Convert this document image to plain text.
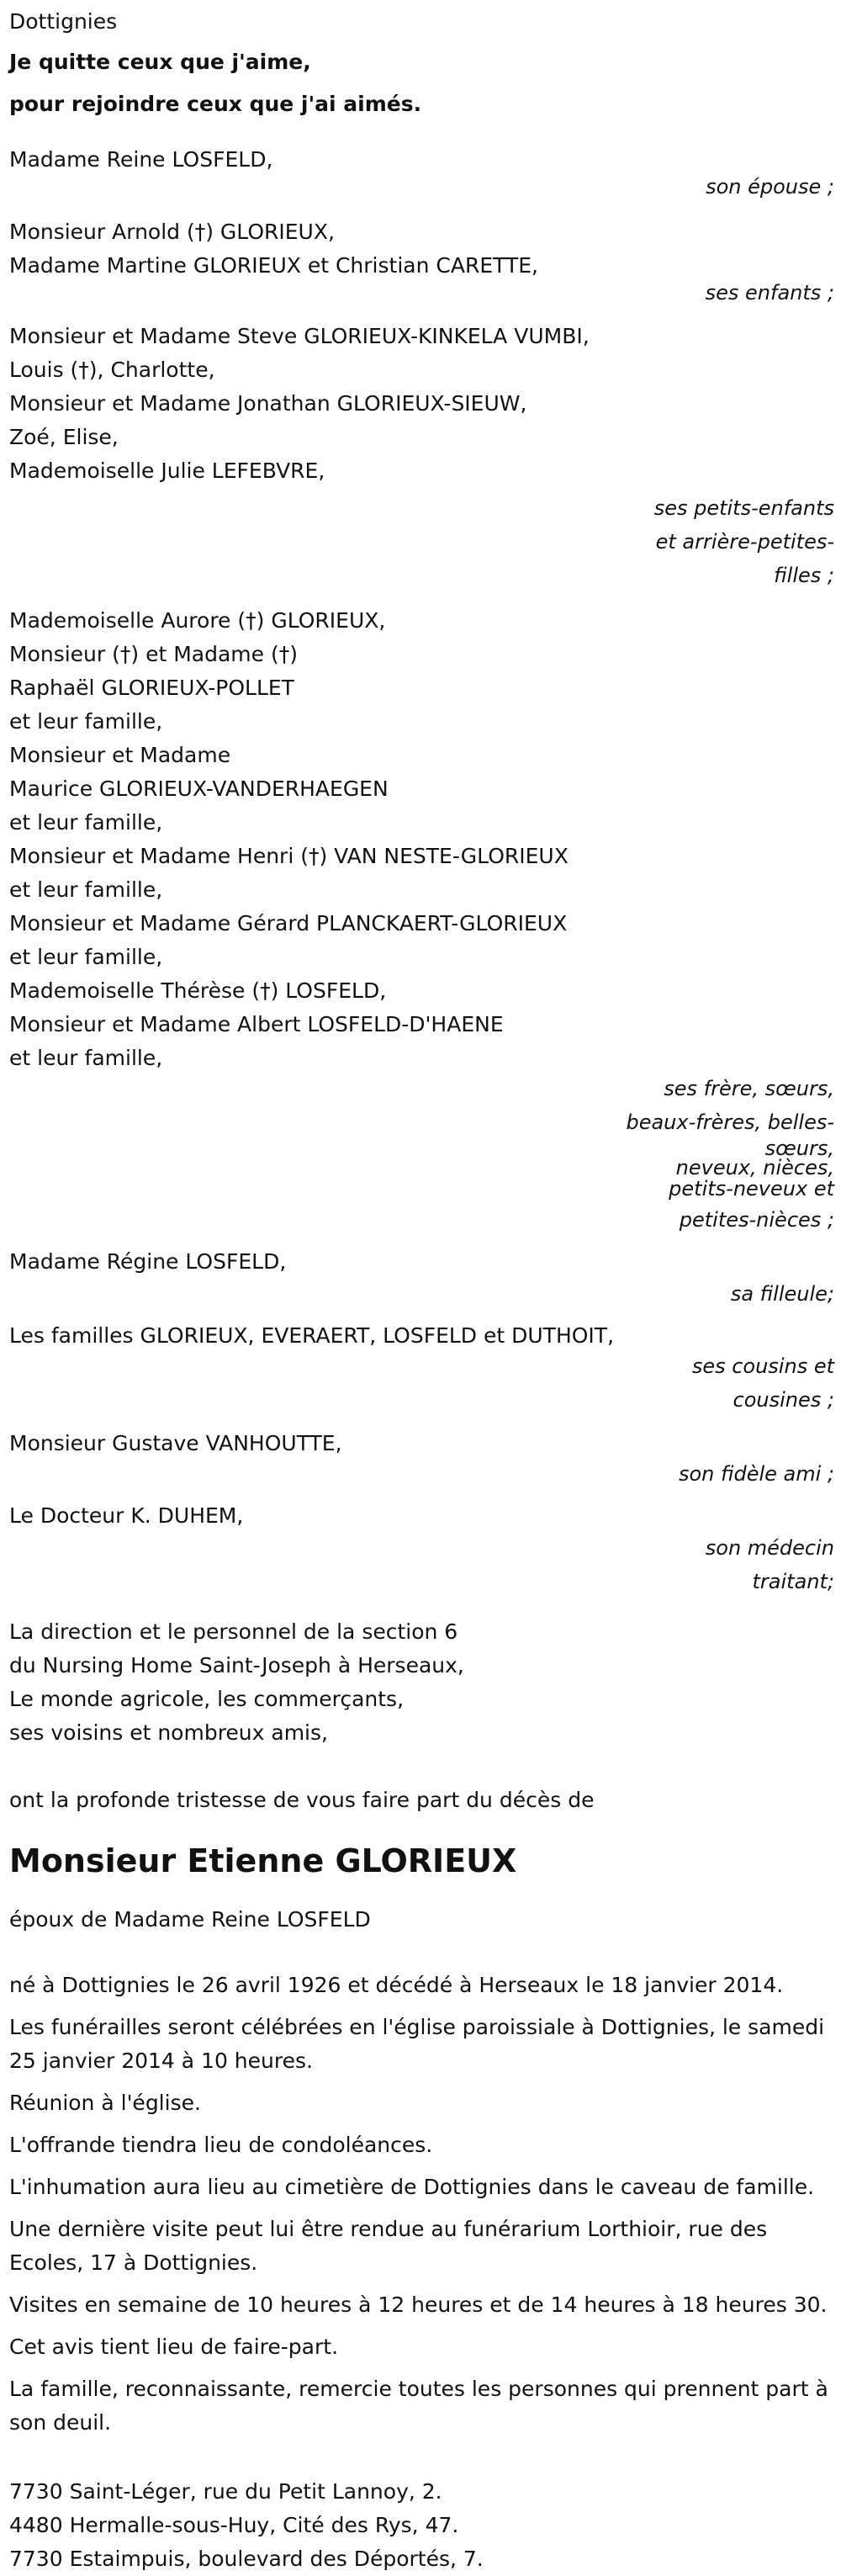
Dottignies
Je quitte ceux que j'aime,
pour rejoindre ceux que j'ai aimés.
Madame Reine LOSFELD,
son épouse ;
Monsieur Arnold (†) GLORIEUX,
Madame Martine GLORIEUX et Christian CARETTE,
ses enfants ;
Monsieur et Madame Steve GLORIEUX-KINKELA VUMBI,
Louis (†), Charlotte,
Monsieur et Madame Jonathan GLORIEUX-SIEUW,
Zoé, Elise,
Mademoiselle Julie LEFEBVRE,
ses petits-enfants
et arrière-petites-
filles ;
Mademoiselle Aurore (†) GLORIEUX,
Monsieur (†) et Madame (†)
Raphaël GLORIEUX-POLLET
et leur famille,
Monsieur et Madame
Maurice GLORIEUX-VANDERHAEGEN
et leur famille,
Monsieur et Madame Henri (†) VAN NESTE-GLORIEUX
et leur famille,
Monsieur et Madame Gérard PLANCKAERT-GLORIEUX
et leur famille,
Mademoiselle Thérèse (†) LOSFELD,
Monsieur et Madame Albert LOSFELD-D'HAENE
et leur famille,
ses frère, sœurs,
beaux-frères, belles-
sœurs,
neveux, nièces,
petits-neveux et
petites-nièces ;
Madame Régine LOSFELD,
sa filleule;
Les familles GLORIEUX, EVERAERT, LOSFELD et DUTHOIT,
ses cousins et
cousines ;
Monsieur Gustave VANHOUTTE,
son fidèle ami ;
Le Docteur K. DUHEM,
son médecin
traitant;
La direction et le personnel de la section 6
du Nursing Home Saint-Joseph à Herseaux,
Le monde agricole, les commerçants,
ses voisins et nombreux amis,
ont la profonde tristesse de vous faire part du décès de
Monsieur Etienne GLORIEUX
époux de Madame Reine LOSFELD
né à Dottignies le 26 avril 1926 et décédé à Herseaux le 18 janvier 2014.
Les funérailles seront célébrées en l'église paroissiale à Dottignies, le samedi 25 janvier 2014 à 10 heures.
Réunion à l'église.
L'offrande tiendra lieu de condoléances.
L'inhumation aura lieu au cimetière de Dottignies dans le caveau de famille.
Une dernière visite peut lui être rendue au funérarium Lorthioir, rue des Ecoles, 17 à Dottignies.
Visites en semaine de 10 heures à 12 heures et de 14 heures à 18 heures 30.
Cet avis tient lieu de faire-part.
La famille, reconnaissante, remercie toutes les personnes qui prennent part à son deuil.
7730 Saint-Léger, rue du Petit Lannoy, 2.
4480 Hermalle-sous-Huy, Cité des Rys, 47.
7730 Estaimpuis, boulevard des Déportés, 7.
